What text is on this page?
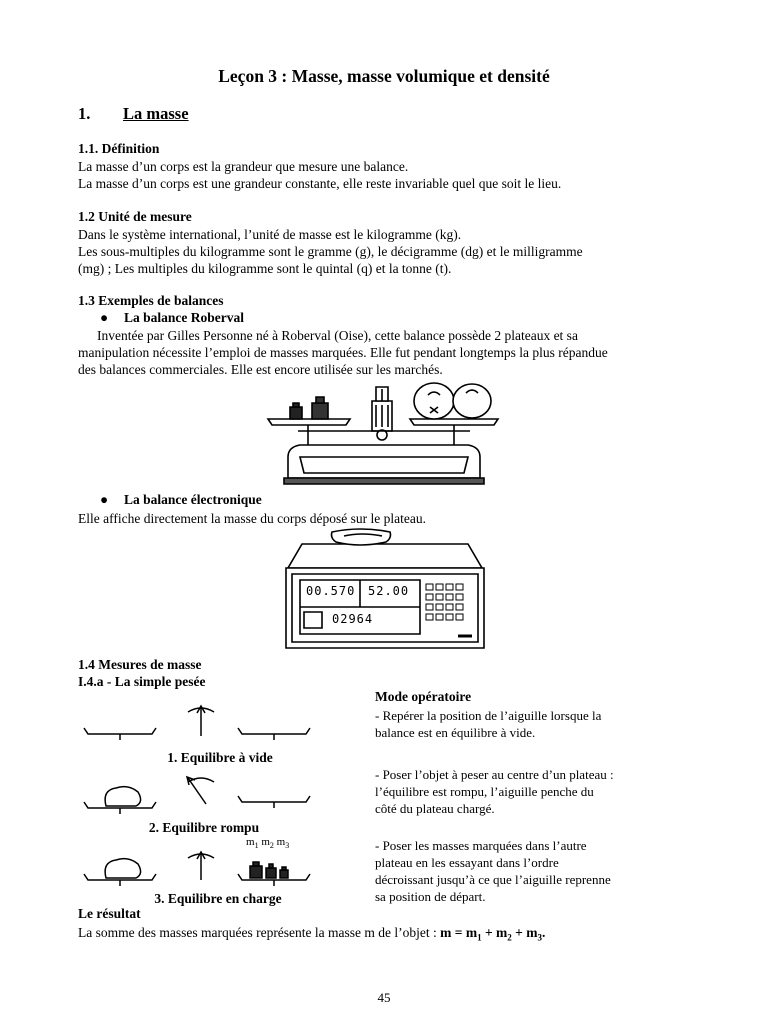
Leçon 3 : Masse, masse volumique et densité
1. La masse
1.1. Définition
La masse d’un corps est la grandeur que mesure une balance.
La masse d’un corps est une grandeur constante, elle reste invariable quel que soit le lieu.
1.2 Unité de mesure
Dans le système international, l’unité de masse est le kilogramme (kg).
Les sous-multiples du kilogramme sont le gramme (g), le décigramme (dg) et le milligramme
(mg) ; Les multiples du kilogramme sont le quintal (q) et la tonne (t).
1.3 Exemples de balances
● La balance Roberval
Inventée par Gilles Personne né à Roberval (Oise), cette balance possède 2 plateaux et sa
manipulation nécessite l’emploi de masses marquées. Elle fut pendant longtemps la plus répandue
des balances commerciales. Elle est encore utilisée sur les marchés.
● La balance électronique
Elle affiche directement la masse du corps déposé sur le plateau.
00.570 52.00
02964
1.4 Mesures de masse
I.4.a - La simple pesée
1. Equilibre à vide
2. Equilibre rompu
$m_1$ $m_2$ $m_3$
3. Equilibre en charge
Mode opératoire
- Repérer la position de l’aiguille lorsque la
balance est en équilibre à vide.
- Poser l’objet à peser au centre d’un plateau :
l’équilibre est rompu, l’aiguille penche du
côté du plateau chargé.
- Poser les masses marquées dans l’autre
plateau en les essayant dans l’ordre
décroissant jusqu’à ce que l’aiguille reprenne
sa position de départ.
Le résultat
La somme des masses marquées représente la masse m de l’objet : $m = m_1 + m_2 + m_3$.
45
